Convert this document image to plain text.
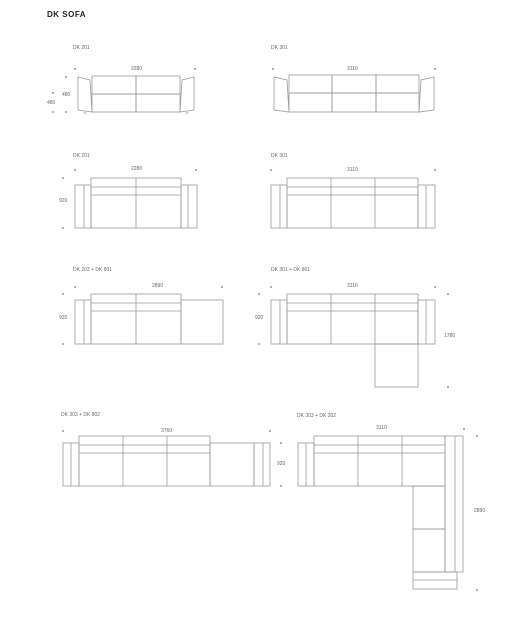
DK SOFA
DK 201
2280
480
480
DK 301
3110
DK 201
2280
920
DK 301
3110
DK 203 + DK 801
2890
920
DK 301 + DK 801
3110
920
1780
DK 303 + DK 802
3760
920
DK 303 + DK 202
3110
2890
